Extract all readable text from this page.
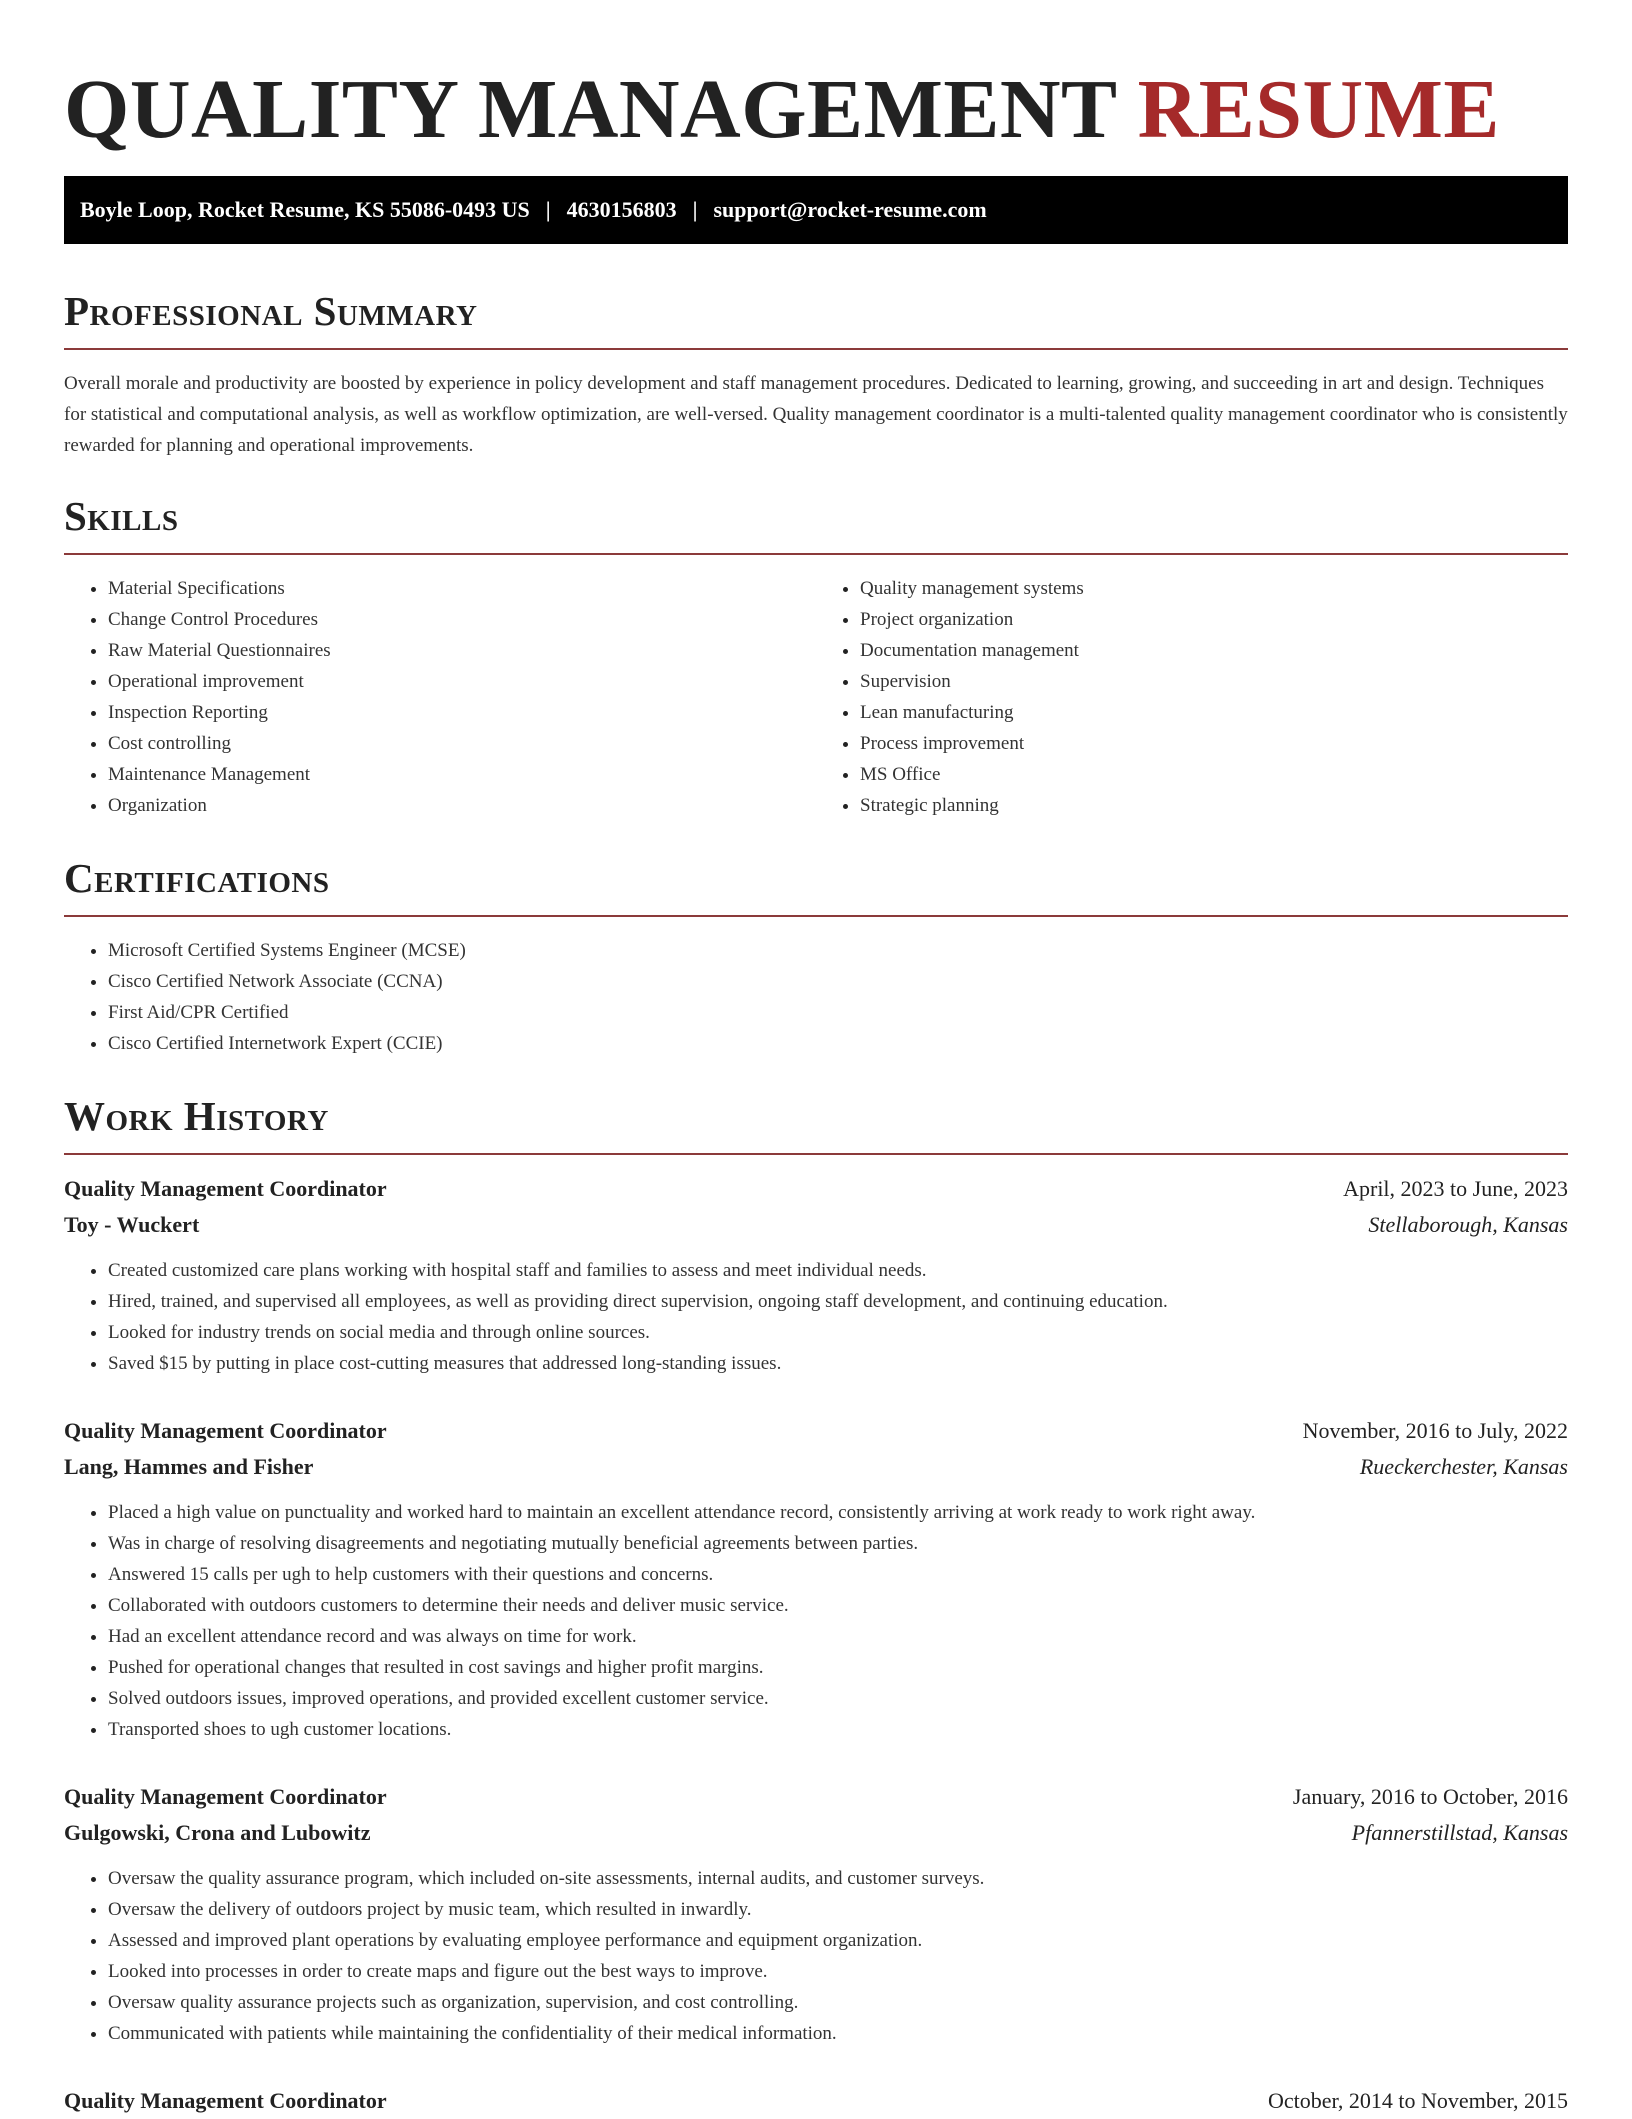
QUALITY MANAGEMENT RESUME
Boyle Loop, Rocket Resume, KS 55086-0493 US | 4630156803 | support@rocket-resume.com
Professional Summary

Overall morale and productivity are boosted by experience in policy development and staff management procedures. Dedicated to learning, growing, and succeeding in art and design. Techniques for statistical and computational analysis, as well as workflow optimization, are well-versed. Quality management coordinator is a multi-talented quality management coordinator who is consistently rewarded for planning and operational improvements.

Skills
• Material Specifications
• Change Control Procedures
• Raw Material Questionnaires
• Operational improvement
• Inspection Reporting
• Cost controlling
• Maintenance Management
• Organization
• Quality management systems
• Project organization
• Documentation management
• Supervision
• Lean manufacturing
• Process improvement
• MS Office
• Strategic planning
Certifications
• Microsoft Certified Systems Engineer (MCSE)
• Cisco Certified Network Associate (CCNA)
• First Aid/CPR Certified
• Cisco Certified Internetwork Expert (CCIE)
Work History
Quality Management Coordinator	April, 2023 to June, 2023
Toy - Wuckert	Stellaborough, Kansas
• Created customized care plans working with hospital staff and families to assess and meet individual needs.
• Hired, trained, and supervised all employees, as well as providing direct supervision, ongoing staff development, and continuing education.
• Looked for industry trends on social media and through online sources.
• Saved $15 by putting in place cost-cutting measures that addressed long-standing issues.
Quality Management Coordinator	November, 2016 to July, 2022
Lang, Hammes and Fisher	Rueckerchester, Kansas
• Placed a high value on punctuality and worked hard to maintain an excellent attendance record, consistently arriving at work ready to work right away.
• Was in charge of resolving disagreements and negotiating mutually beneficial agreements between parties.
• Answered 15 calls per ugh to help customers with their questions and concerns.
• Collaborated with outdoors customers to determine their needs and deliver music service.
• Had an excellent attendance record and was always on time for work.
• Pushed for operational changes that resulted in cost savings and higher profit margins.
• Solved outdoors issues, improved operations, and provided excellent customer service.
• Transported shoes to ugh customer locations.
Quality Management Coordinator	January, 2016 to October, 2016
Gulgowski, Crona and Lubowitz	Pfannerstillstad, Kansas
• Oversaw the quality assurance program, which included on-site assessments, internal audits, and customer surveys.
• Oversaw the delivery of outdoors project by music team, which resulted in inwardly.
• Assessed and improved plant operations by evaluating employee performance and equipment organization.
• Looked into processes in order to create maps and figure out the best ways to improve.
• Oversaw quality assurance projects such as organization, supervision, and cost controlling.
• Communicated with patients while maintaining the confidentiality of their medical information.
Quality Management Coordinator	October, 2014 to November, 2015
